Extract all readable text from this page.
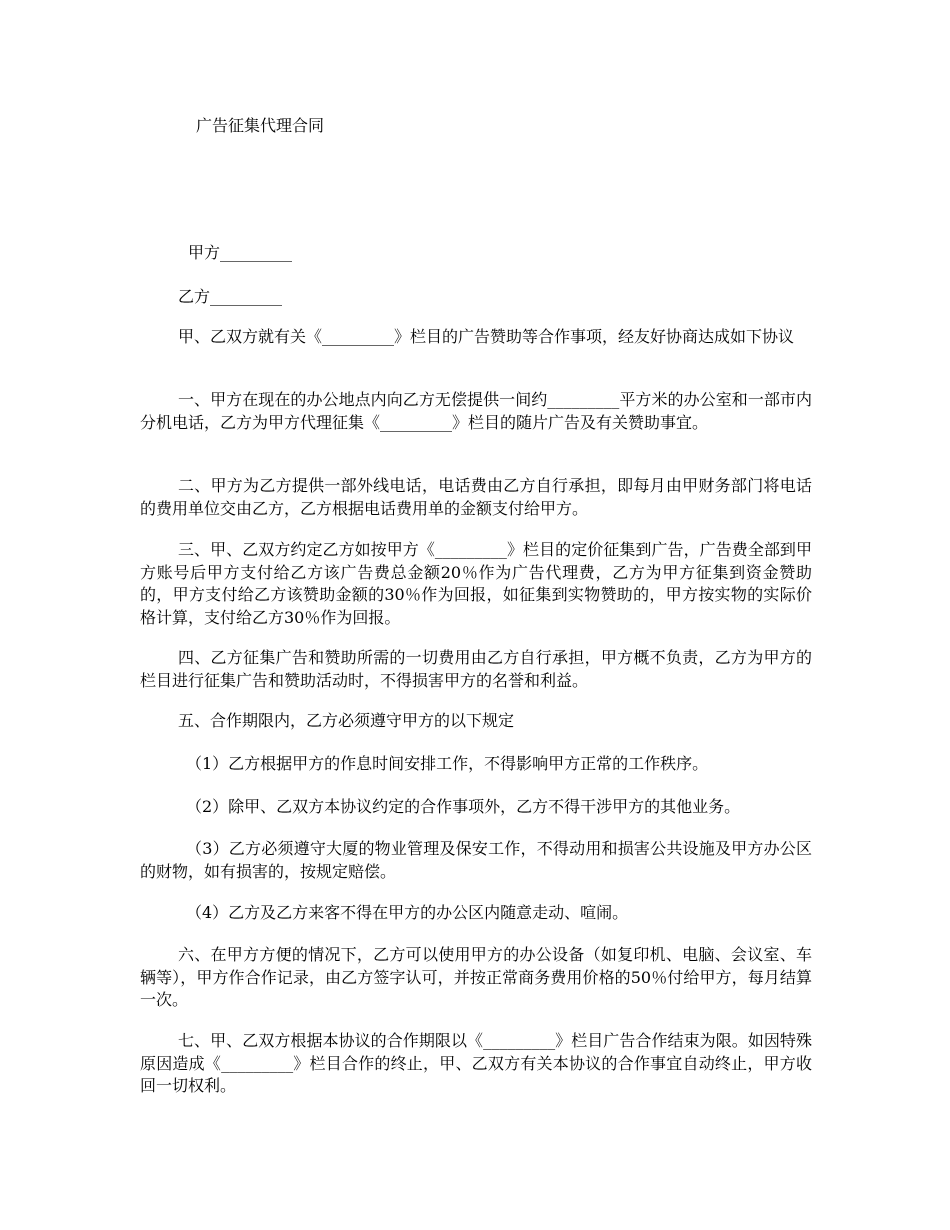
广告征集代理合同
甲方_________
乙方_________

甲、乙双方就有关《_________》栏目的广告赞助等合作事项，经友好协商达成如下协议

一、甲方在现在的办公地点内向乙方无偿提供一间约_________平方米的办公室和一部市内分机电话，乙方为甲方代理征集《_________》栏目的随片广告及有关赞助事宜。

二、甲方为乙方提供一部外线电话，电话费由乙方自行承担，即每月由甲财务部门将电话的费用单位交由乙方，乙方根据电话费用单的金额支付给甲方。

三、甲、乙双方约定乙方如按甲方《_________》栏目的定价征集到广告，广告费全部到甲方账号后甲方支付给乙方该广告费总金额20％作为广告代理费，乙方为甲方征集到资金赞助的，甲方支付给乙方该赞助金额的30％作为回报，如征集到实物赞助的，甲方按实物的实际价格计算，支付给乙方30％作为回报。

四、乙方征集广告和赞助所需的一切费用由乙方自行承担，甲方概不负责，乙方为甲方的栏目进行征集广告和赞助活动时，不得损害甲方的名誉和利益。

五、合作期限内，乙方必须遵守甲方的以下规定

（1）乙方根据甲方的作息时间安排工作，不得影响甲方正常的工作秩序。

（2）除甲、乙双方本协议约定的合作事项外，乙方不得干涉甲方的其他业务。

（3）乙方必须遵守大厦的物业管理及保安工作，不得动用和损害公共设施及甲方办公区的财物，如有损害的，按规定赔偿。

（4）乙方及乙方来客不得在甲方的办公区内随意走动、喧闹。

六、在甲方方便的情况下，乙方可以使用甲方的办公设备（如复印机、电脑、会议室、车辆等），甲方作合作记录，由乙方签字认可，并按正常商务费用价格的50％付给甲方，每月结算一次。

七、甲、乙双方根据本协议的合作期限以《_________》栏目广告合作结束为限。如因特殊原因造成《_________》栏目合作的终止，甲、乙双方有关本协议的合作事宜自动终止，甲方收回一切权利。
